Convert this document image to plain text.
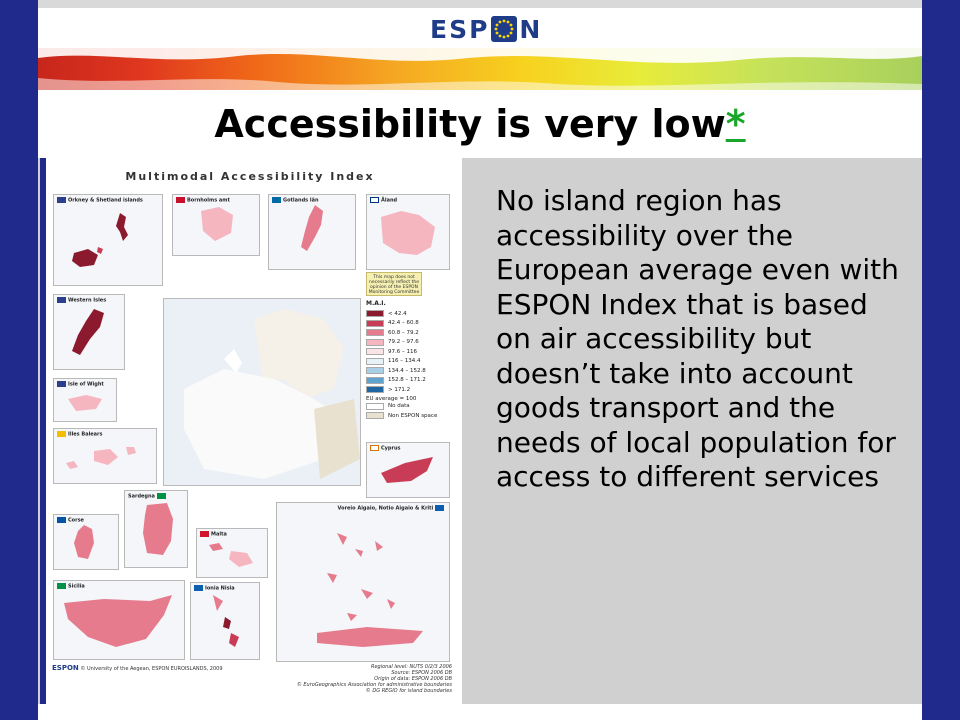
ESP N
Accessibility is very low*
Multimodal Accessibility Index
Orkney & Shetland islands	Bornholms amt	Gotlands län	Åland
Western Isles
Isle of Wight
Illes Balears
Sardegna
Corse
Malta
Sicilia	Ionia Nisia
Cyprus
Voreio Aigaio, Notio Aigaio & Kriti
This map does not necessarily reflect the opinion of the ESPON Monitoring Committee
M.A.I.
< 42.4
42.4 – 60.8
60.8 – 79.2
79.2 – 97.6
97.6 – 116
116 – 134.4
134.4 – 152.8
152.8 – 171.2
> 171.2
EU average = 100
No data
Non ESPON space
ESPON © University of the Aegean, ESPON EUROISLANDS, 2009	Regional level: NUTS 0/2/3 2006
Source: ESPON 2006 DB
Origin of data: ESPON 2006 DB
© EuroGeographics Association for administrative boundaries
© DG REGIO for island boundaries
No island region has accessibility over the European average even with ESPON Index that is based on air accessibility but doesn’t take into account goods transport and the needs of local population for access to different services
